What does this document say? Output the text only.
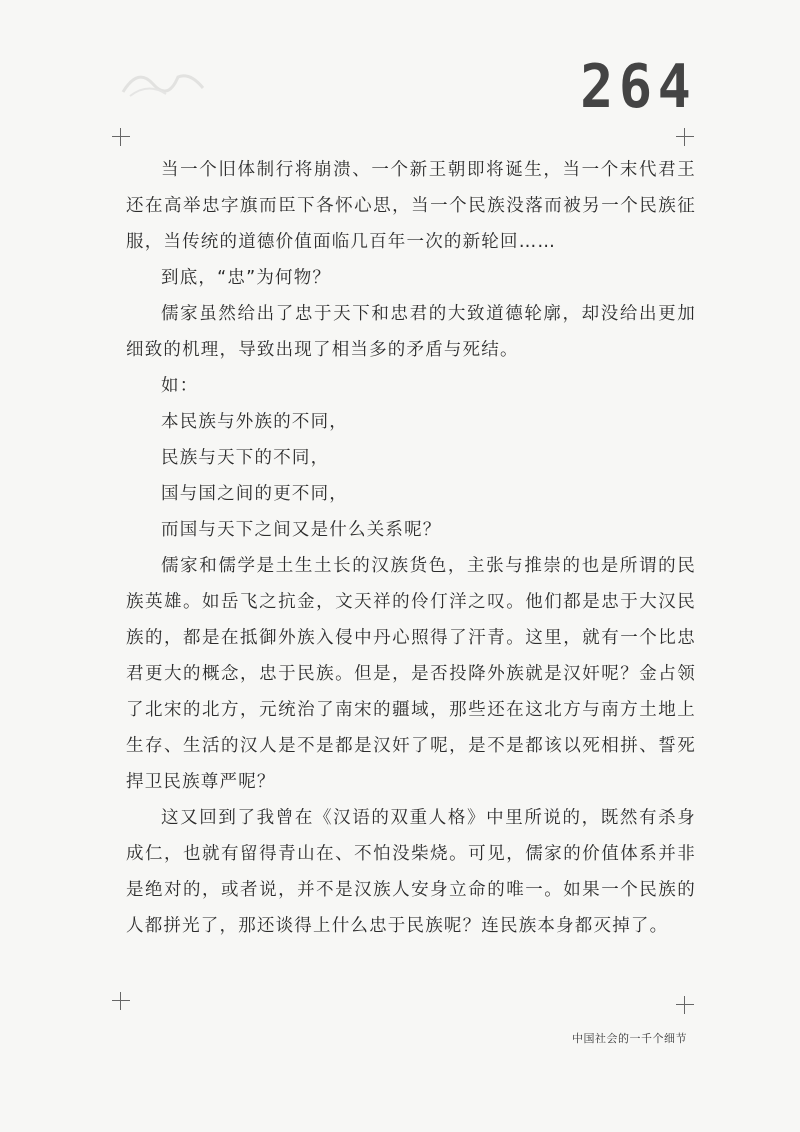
264

当一个旧体制行将崩溃、一个新王朝即将诞生，当一个末代君王还在高举忠字旗而臣下各怀心思，当一个民族没落而被另一个民族征服，当传统的道德价值面临几百年一次的新轮回……

到底，“忠”为何物？

儒家虽然给出了忠于天下和忠君的大致道德轮廓，却没给出更加细致的机理，导致出现了相当多的矛盾与死结。

如：

本民族与外族的不同，

民族与天下的不同，

国与国之间的更不同，

而国与天下之间又是什么关系呢？

儒家和儒学是土生土长的汉族货色，主张与推崇的也是所谓的民族英雄。如岳飞之抗金，文天祥的伶仃洋之叹。他们都是忠于大汉民族的，都是在抵御外族入侵中丹心照得了汗青。这里，就有一个比忠君更大的概念，忠于民族。但是，是否投降外族就是汉奸呢？金占领了北宋的北方，元统治了南宋的疆域，那些还在这北方与南方土地上生存、生活的汉人是不是都是汉奸了呢，是不是都该以死相拼、誓死捍卫民族尊严呢？

这又回到了我曾在《汉语的双重人格》中里所说的，既然有杀身成仁，也就有留得青山在、不怕没柴烧。可见，儒家的价值体系并非是绝对的，或者说，并不是汉族人安身立命的唯一。如果一个民族的人都拼光了，那还谈得上什么忠于民族呢？连民族本身都灭掉了。

中国社会的一千个细节
